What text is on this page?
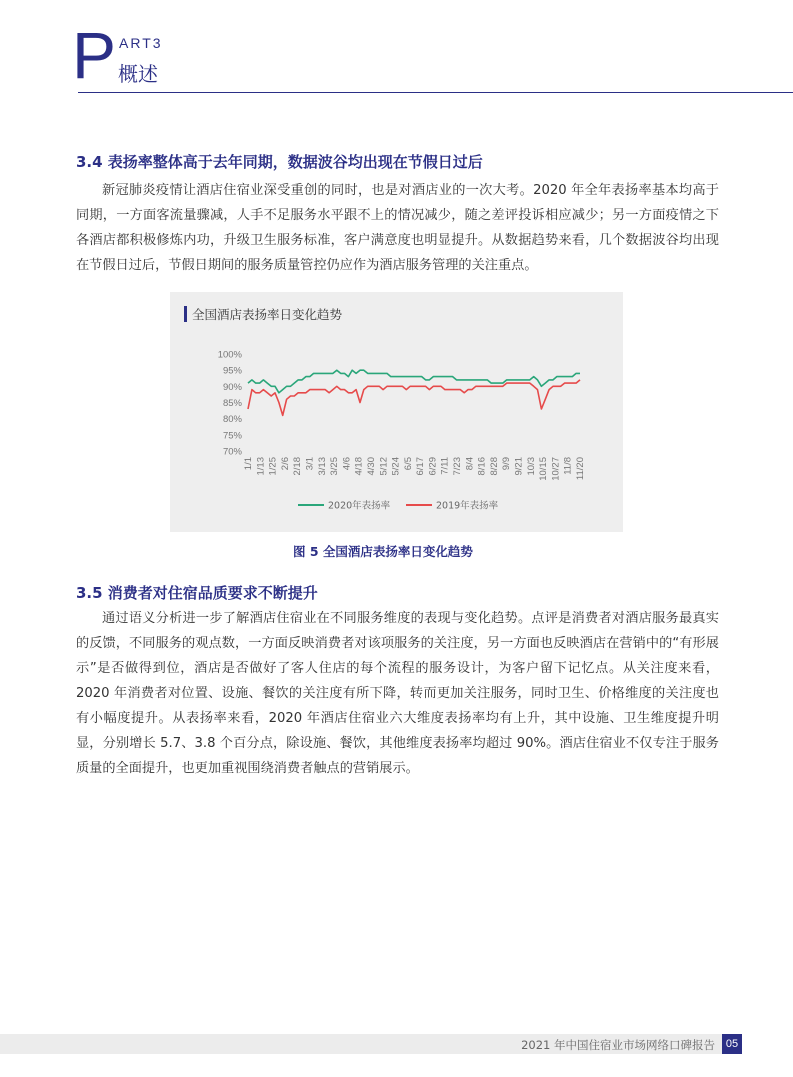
P ART3
概述
3.4 表扬率整体高于去年同期，数据波谷均出现在节假日过后

新冠肺炎疫情让酒店住宿业深受重创的同时，也是对酒店业的一次大考。2020 年全年表扬率基本均高于同期，一方面客流量骤减，人手不足服务水平跟不上的情况减少，随之差评投诉相应减少；另一方面疫情之下各酒店都积极修炼内功，升级卫生服务标准，客户满意度也明显提升。从数据趋势来看，几个数据波谷均出现在节假日过后，节假日期间的服务质量管控仍应作为酒店服务管理的关注重点。

全国酒店表扬率日变化趋势
100%
95%
90%
85%
80%
75%
70%
1/1 1/13 1/25 2/6 2/18 3/1 3/13 3/25 4/6 4/18 4/30 5/12 5/24 6/5 6/17 6/29 7/11 7/23 8/4 8/16 8/28 9/9 9/21 10/3 10/15 10/27 11/8 11/20
2020年表扬率	2019年表扬率
图 5 全国酒店表扬率日变化趋势
3.5 消费者对住宿品质要求不断提升

通过语义分析进一步了解酒店住宿业在不同服务维度的表现与变化趋势。点评是消费者对酒店服务最真实的反馈，不同服务的观点数，一方面反映消费者对该项服务的关注度，另一方面也反映酒店在营销中的“有形展示”是否做得到位，酒店是否做好了客人住店的每个流程的服务设计，为客户留下记忆点。从关注度来看，2020 年消费者对位置、设施、餐饮的关注度有所下降，转而更加关注服务，同时卫生、价格维度的关注度也有小幅度提升。从表扬率来看，2020 年酒店住宿业六大维度表扬率均有上升，其中设施、卫生维度提升明显，分别增长 5.7、3.8 个百分点，除设施、餐饮，其他维度表扬率均超过 90%。酒店住宿业不仅专注于服务质量的全面提升，也更加重视围绕消费者触点的营销展示。

2021 年中国住宿业市场网络口碑报告 05
